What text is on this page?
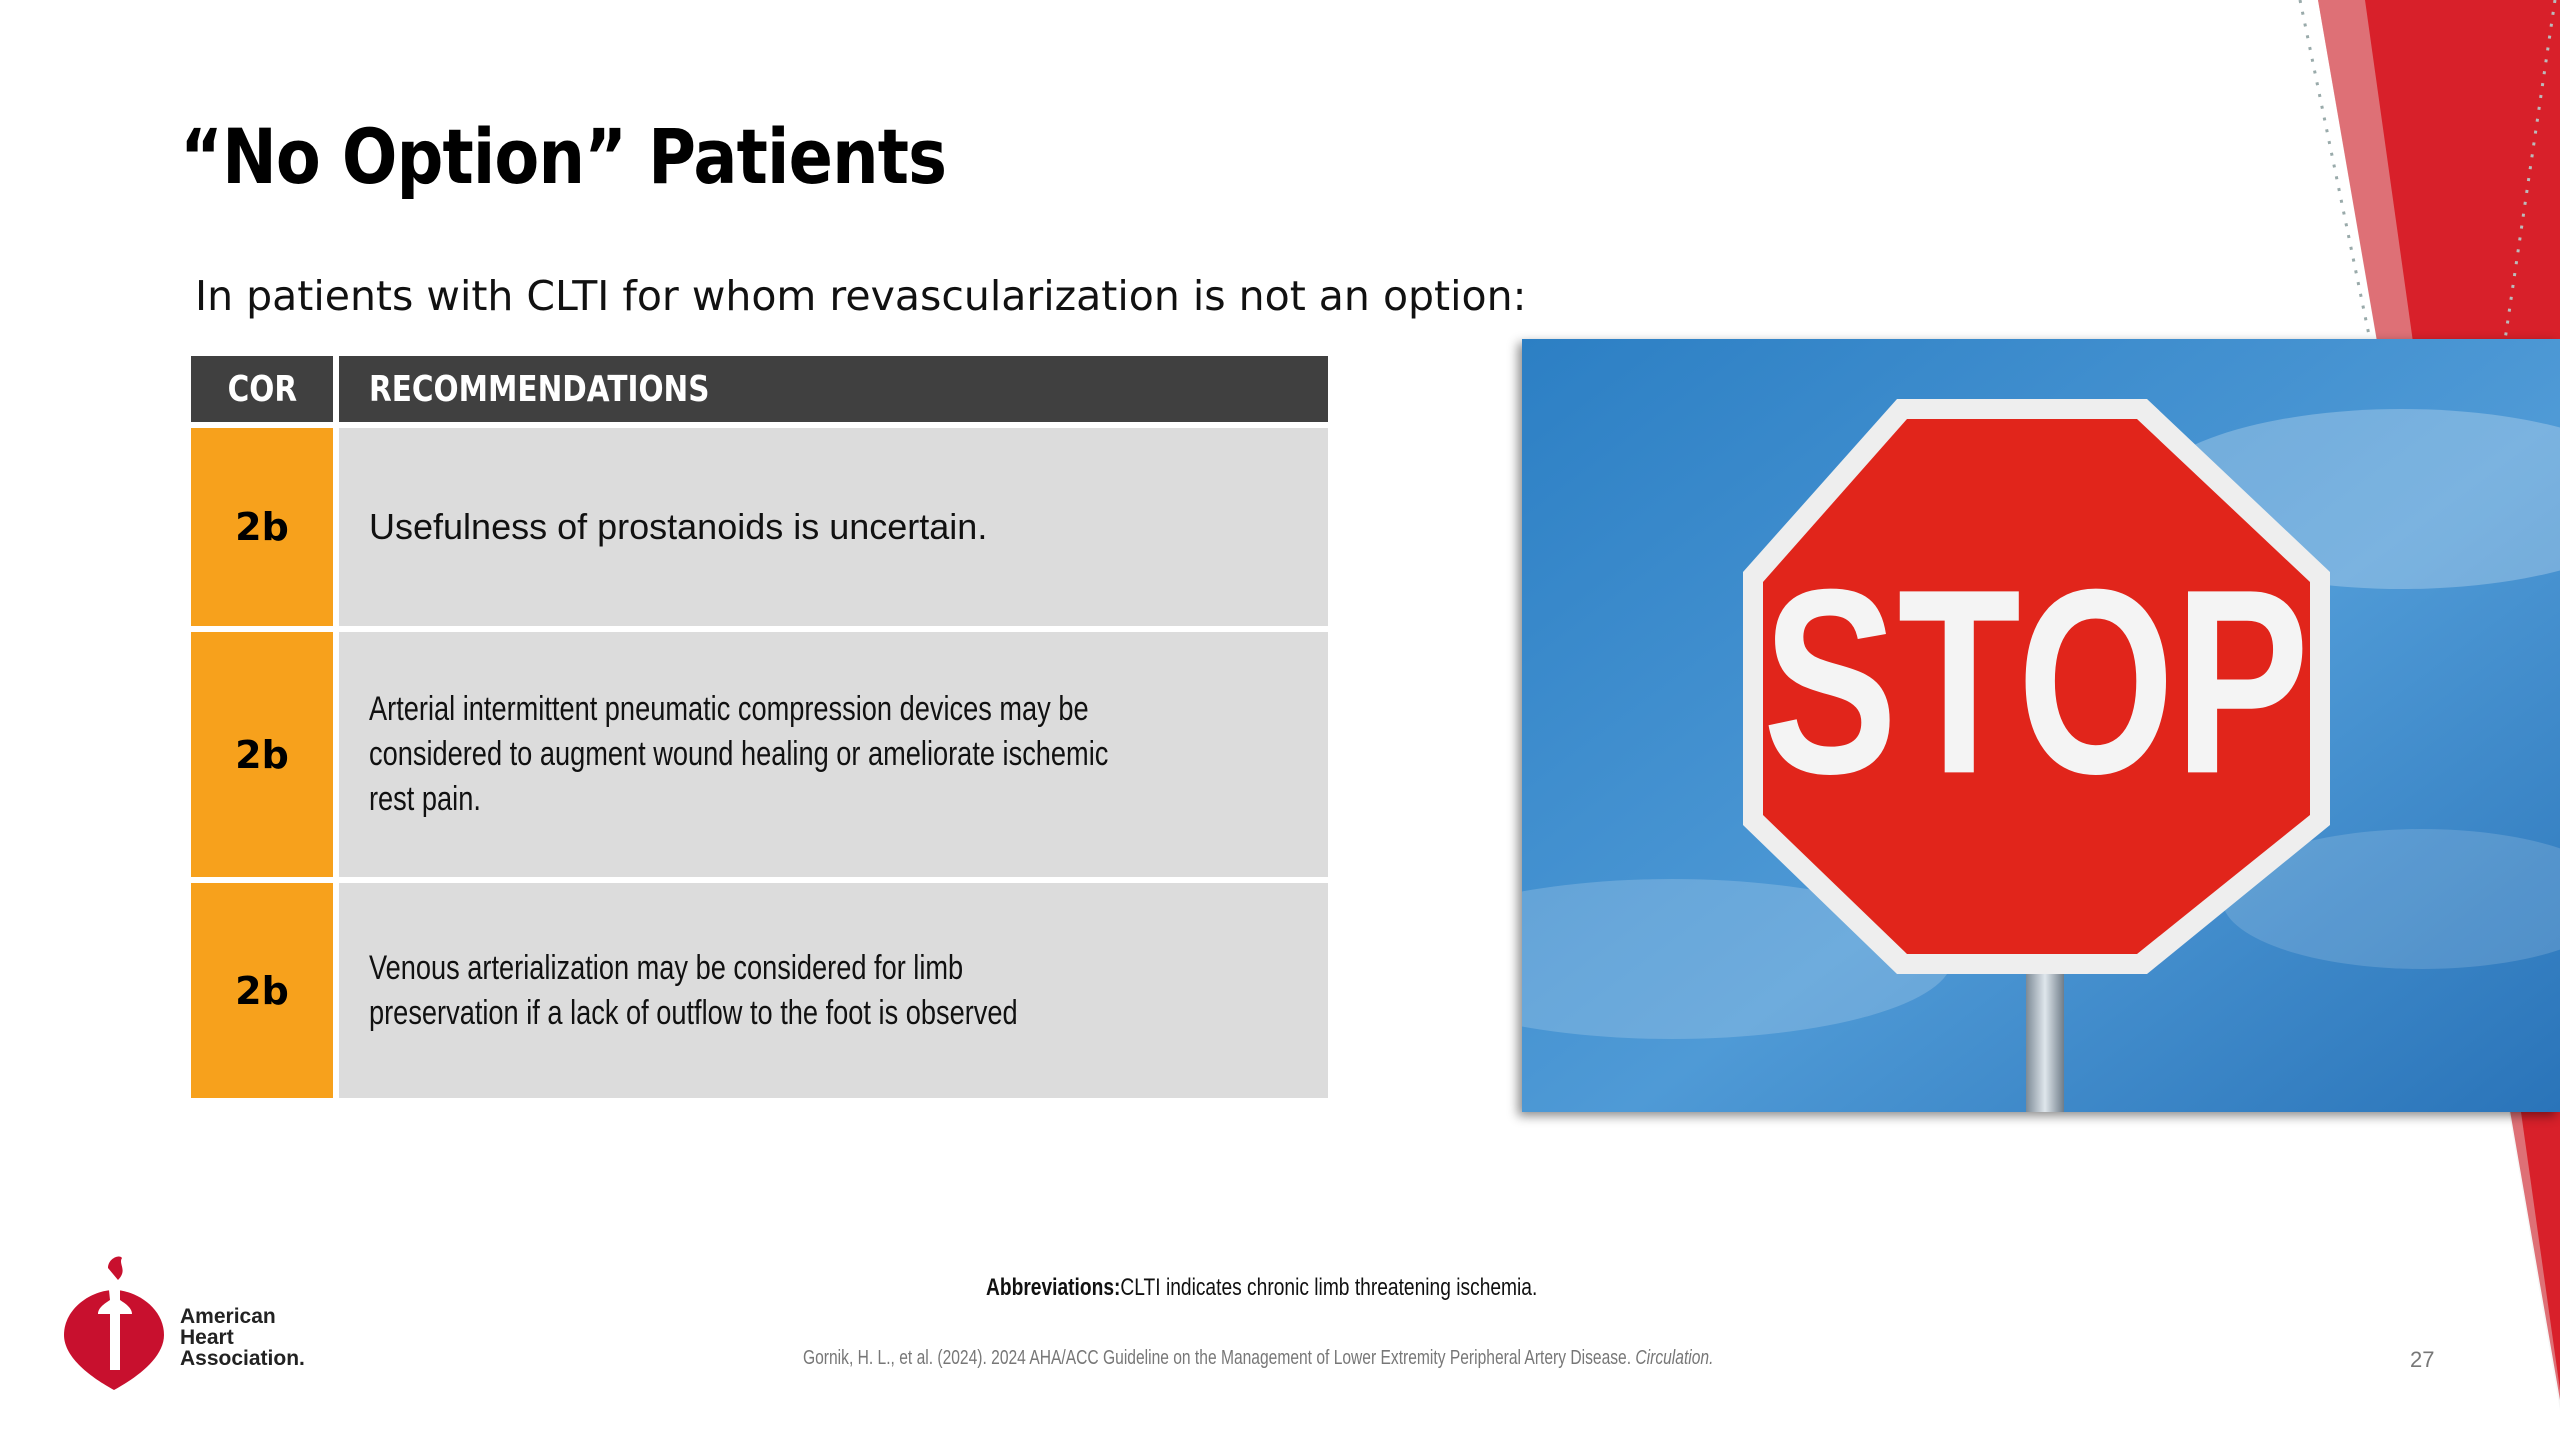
“No Option” Patients
In patients with CLTI for whom revascularization is not an option:
COR RECOMMENDATIONS
2b	Usefulness of prostanoids is uncertain.
2b
Arterial intermittent pneumatic compression devices may be considered to augment wound healing or ameliorate ischemic rest pain.
2b
Venous arterialization may be considered for limb preservation if a lack of outflow to the foot is observed
STOP
American
Heart
Association.
Abbreviations:CLTI indicates chronic limb threatening ischemia.
Gornik, H. L., et al. (2024). 2024 AHA/ACC Guideline on the Management of Lower Extremity Peripheral Artery Disease. Circulation.	27
